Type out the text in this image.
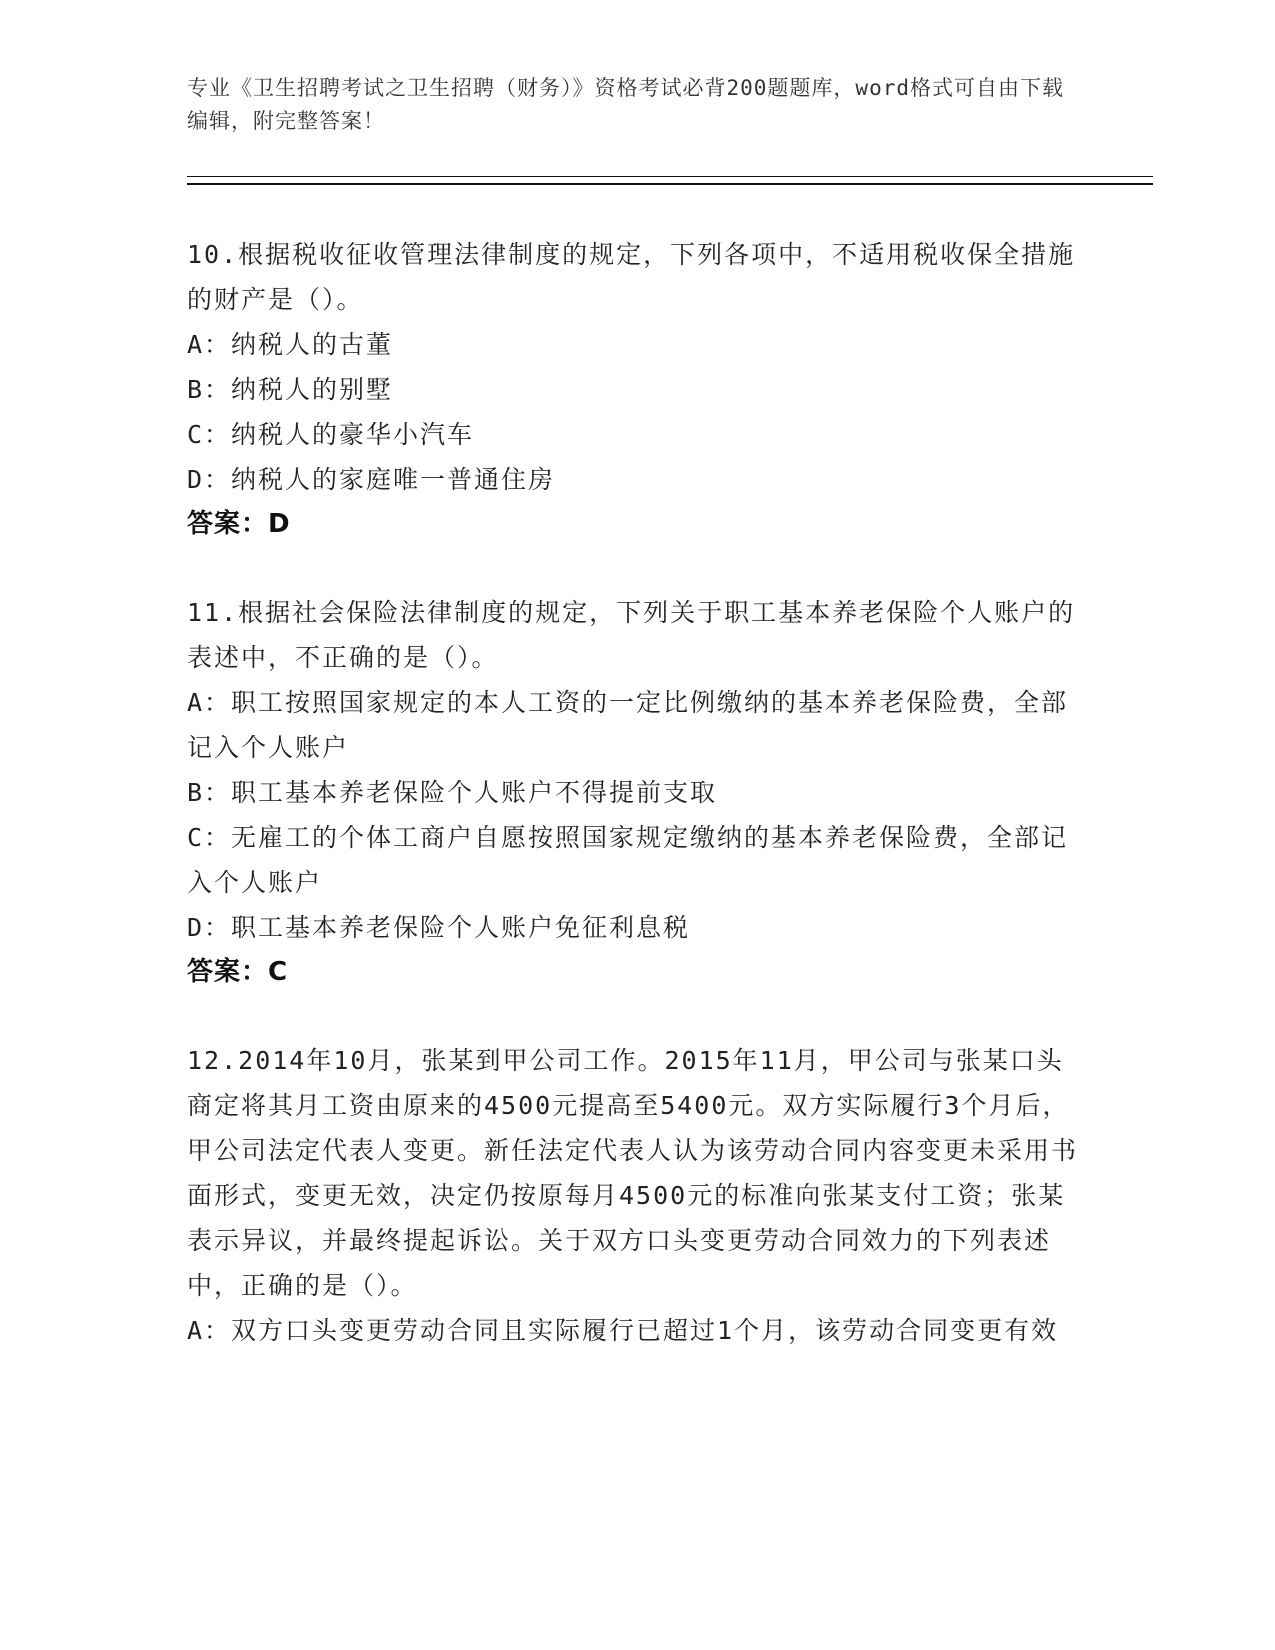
专业《卫生招聘考试之卫生招聘（财务）》资格考试必背200题题库，word格式可自由下载编辑，附完整答案！

10.根据税收征收管理法律制度的规定，下列各项中，不适用税收保全措施的财产是（）。

A：纳税人的古董

B：纳税人的别墅

C：纳税人的豪华小汽车

D：纳税人的家庭唯一普通住房

答案：D

11.根据社会保险法律制度的规定，下列关于职工基本养老保险个人账户的表述中，不正确的是（）。

A：职工按照国家规定的本人工资的一定比例缴纳的基本养老保险费，全部记入个人账户

B：职工基本养老保险个人账户不得提前支取

C：无雇工的个体工商户自愿按照国家规定缴纳的基本养老保险费，全部记入个人账户

D：职工基本养老保险个人账户免征利息税

答案：C

12.2014年10月，张某到甲公司工作。2015年11月，甲公司与张某口头商定将其月工资由原来的4500元提高至5400元。双方实际履行3个月后，甲公司法定代表人变更。新任法定代表人认为该劳动合同内容变更未采用书面形式，变更无效，决定仍按原每月4500元的标准向张某支付工资；张某表示异议，并最终提起诉讼。关于双方口头变更劳动合同效力的下列表述中，正确的是（）。

A：双方口头变更劳动合同且实际履行已超过1个月，该劳动合同变更有效
